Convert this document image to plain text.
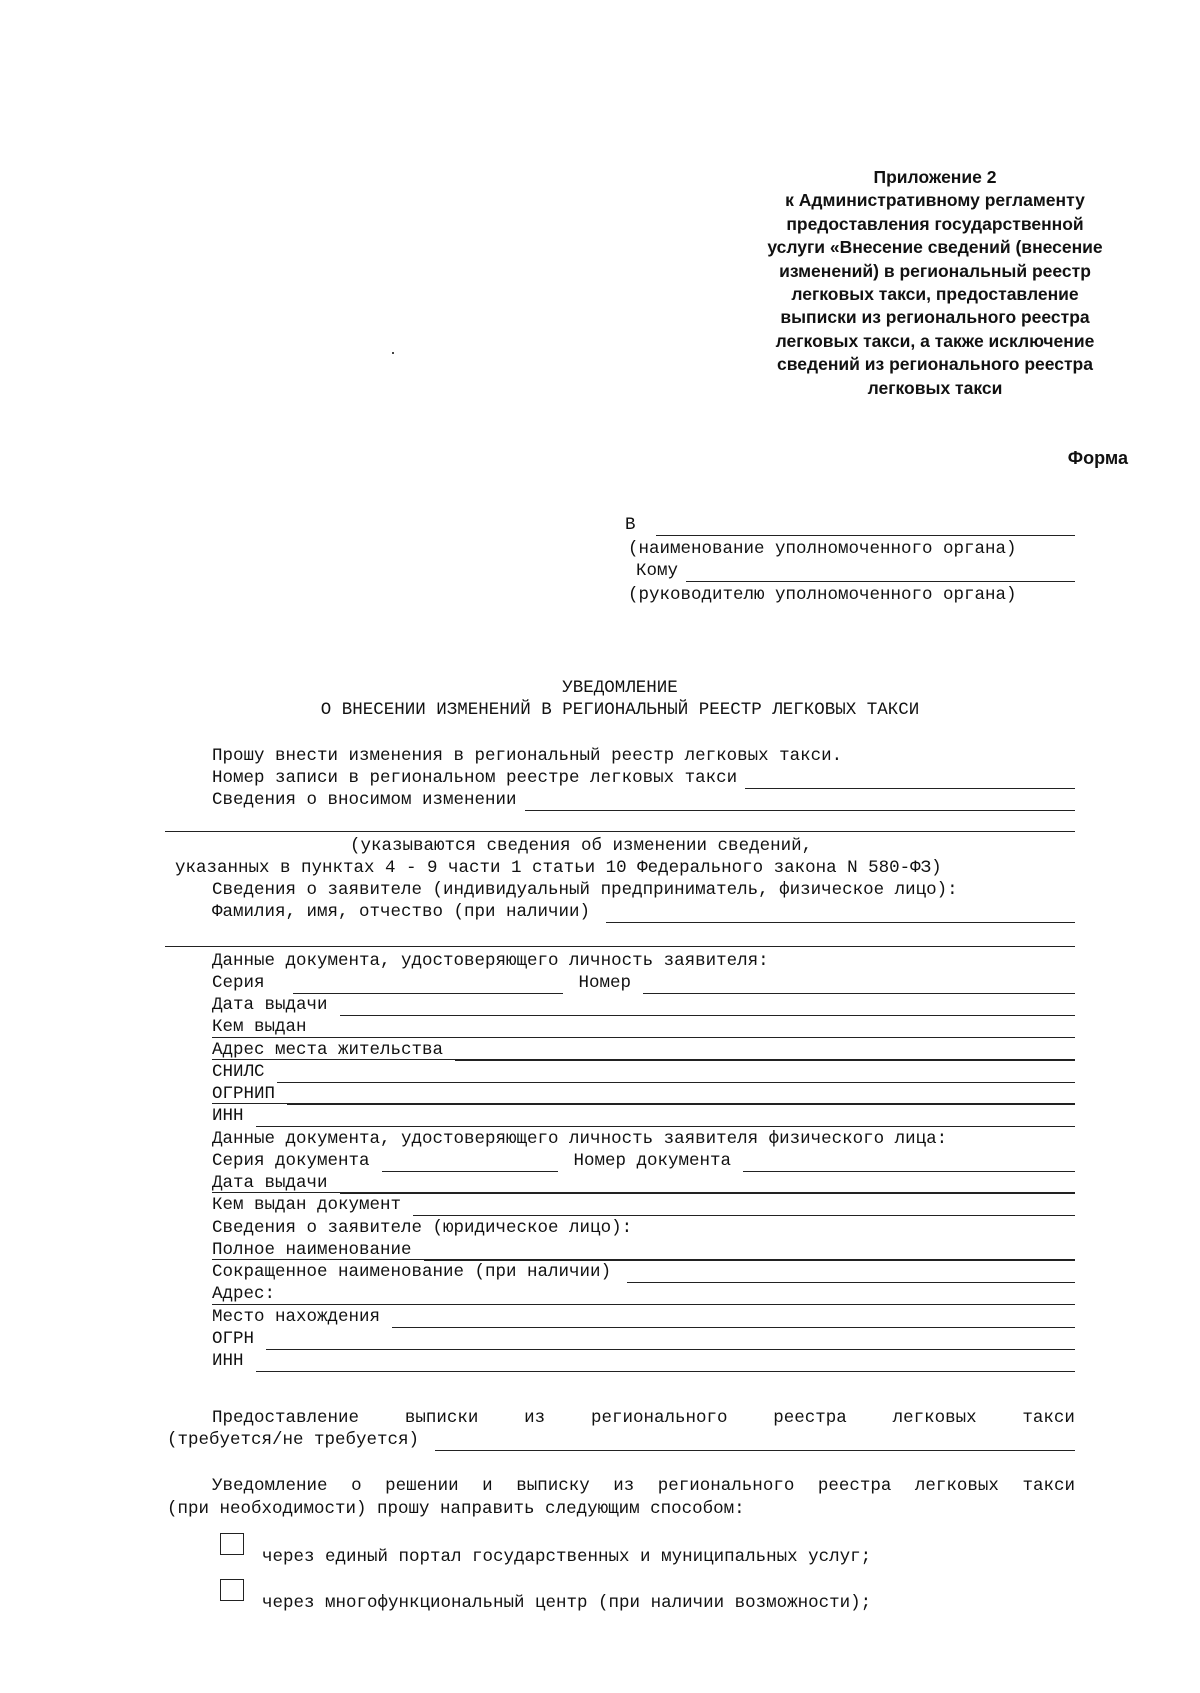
Приложение 2
к Административному регламенту
предоставления государственной
услуги «Внесение сведений (внесение
изменений) в региональный реестр
легковых такси, предоставление
выписки из регионального реестра
легковых такси, а также исключение
сведений из регионального реестра
легковых такси
Форма
В
(наименование уполномоченного органа)
Кому
(руководителю уполномоченного органа)
УВЕДОМЛЕНИЕ
О ВНЕСЕНИИ ИЗМЕНЕНИЙ В РЕГИОНАЛЬНЫЙ РЕЕСТР ЛЕГКОВЫХ ТАКСИ
Прошу внести изменения в региональный реестр легковых такси.
Номер записи в региональном реестре легковых такси
Сведения о вносимом изменении
(указываются сведения об изменении сведений,
указанных в пунктах 4 - 9 части 1 статьи 10 Федерального закона N 580-ФЗ)
Сведения о заявителе (индивидуальный предприниматель, физическое лицо):
Фамилия, имя, отчество (при наличии)
Данные документа, удостоверяющего личность заявителя:
Серия	Номер
Дата выдачи
Кем выдан
Адрес места жительства
СНИЛС
ОГРНИП
ИНН
Данные документа, удостоверяющего личность заявителя физического лица:
Серия документа	Номер документа
Дата выдачи
Кем выдан документ
Сведения о заявителе (юридическое лицо):
Полное наименование
Сокращенное наименование (при наличии)
Адрес:
Место нахождения
ОГРН
ИНН
Предоставление	выписки	из	регионального	реестра	легковых	такси
(требуется/не требуется)
Уведомление о решении и выписку из регионального реестра легковых такси
(при необходимости) прошу направить следующим способом:
через единый портал государственных и муниципальных услуг;
через многофункциональный центр (при наличии возможности);
